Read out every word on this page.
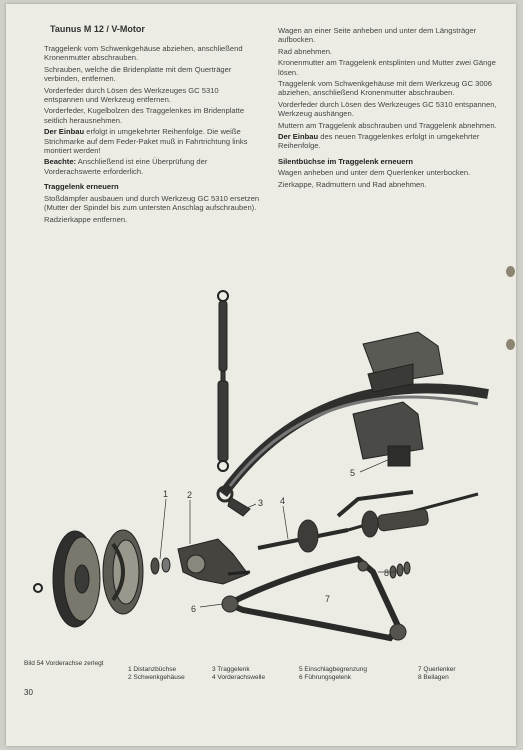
Taunus M 12 / V-Motor

Traggelenk vom Schwenkgehäuse abziehen, anschließend Kronenmutter abschrauben.

Schrauben, welche die Bridenplatte mit dem Querträger verbinden, entfernen.

Vorderfeder durch Lösen des Werkzeuges GC 5310 entspannen und Werkzeug entfernen.

Vorderfeder, Kugelbolzen des Traggelenkes im Bridenplatte seitlich herausnehmen.

Der Einbau erfolgt in umgekehrter Reihenfolge. Die weiße Strichmarke auf dem Feder-Paket muß in Fahrtrichtung links montiert werden!

Beachte: Anschließend ist eine Überprüfung der Vorderachswerte erforderlich.

Traggelenk erneuern

Stoßdämpfer ausbauen und durch Werkzeug GC 5310 ersetzen (Mutter der Spindel bis zum untersten Anschlag aufschrauben).

Radzierkappe entfernen.

Wagen an einer Seite anheben und unter dem Längsträger aufbocken.

Rad abnehmen.

Kronenmutter am Traggelenk entsplinten und Mutter zwei Gänge lösen.

Traggelenk vom Schwenkgehäuse mit dem Werkzeug GC 3006 abziehen, anschließend Kronenmutter abschrauben.

Vorderfeder durch Lösen des Werkzeuges GC 5310 entspannen, Werkzeug aushängen.

Muttern am Traggelenk abschrauben und Traggelenk abnehmen.

Der Einbau des neuen Traggelenkes erfolgt in umgekehrter Reihenfolge.

Silentbüchse im Traggelenk erneuern

Wagen anheben und unter dem Querlenker unterbocken.

Zierkappe, Radmuttern und Rad abnehmen.

1 2
3 4
5
6
7
8
Bild 54 Vorderachse zerlegt
1 Distanzbüchse
2 Schwenkgehäuse
3 Traggelenk
4 Vorderachswelle
5 Einschlagbegrenzung
6 Führungsgelenk
7 Querlenker
8 Beilagen
30
